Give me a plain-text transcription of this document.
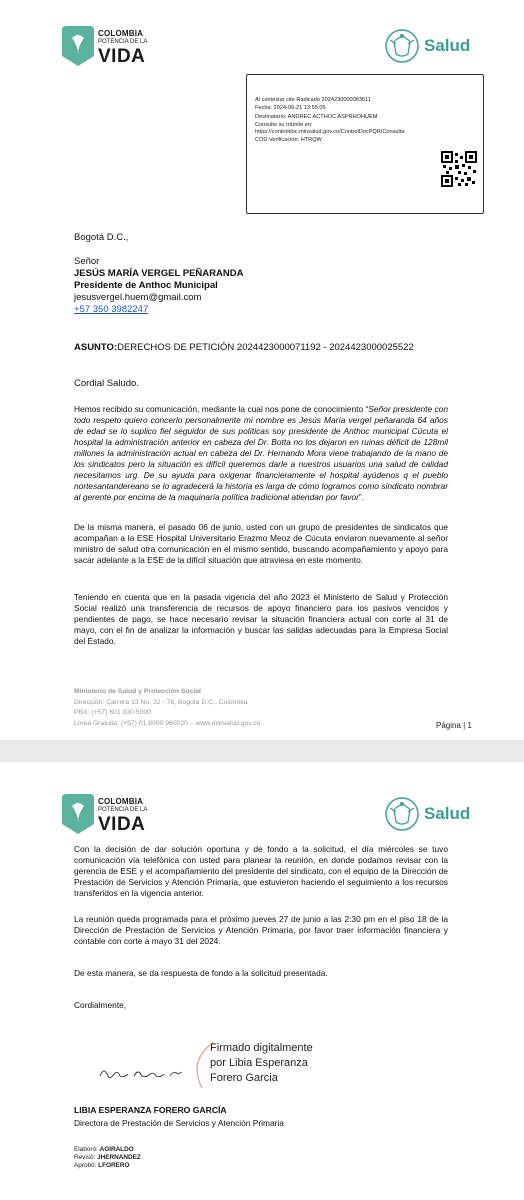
COLOMBIA
POTENCIA DE LA
VIDA
Salud
Al contestar cite Radicado 2024230000083611
Fecha: 2024-06-21 13:55:05
Destinatario: ANDREC ACTHOC ASPRHOHUEM
Consulte su trámite en:
https://controldoc.minsalud.gov.co/ControlDocPQR/Consulta
COD Verificación: HTRQW
Bogotá D.C.,
Señor
JESÚS MARÍA VERGEL PEÑARANDA
Presidente de Anthoc Municipal
jesusvergel.huem@gmail.com
+57 350 3982247
ASUNTO:DERECHOS DE PETICIÓN 2024423000071192 - 2024423000025522
Cordial Saludo.
Hemos recibido su comunicación, mediante la cual nos pone de conocimiento “Señor presidente con todo respeto quiero concerlo personalmente mi nombre es Jesús María vergel peñaranda 64 años de edad se lo suplico fiel seguidor de sus políticas soy presidente de Anthoc municipal Cúcuta el hospital la administración anterior en cabeza del Dr. Botta no los dejaron en ruinas déficit de 128mil millones la administración actual en cabeza del Dr. Hernando Mora viene trabajando de la mano de los sindicatos pero la situación es difícil queremos darle a nuestros usuarios una salud de calidad necesitamos urg. De su ayuda para oxigenar financieramente el hospital ayúdenos q el pueblo nortesantandereano se lo agradecerá la historia es larga de cómo logramos como sindicato nombrar al gerente por encima de la maquinaría política tradicional atiendan por favor”.
De la misma manera, el pasado 06 de junio, usted con un grupo de presidentes de sindicatos que acompañan a la ESE Hospital Universitario Erazmo Meoz de Cúcuta enviaron nuevamente al señor ministro de salud otra comunicación en el mismo sentido, buscando acompañamiento y apoyo para sacar adelante a la ESE de la difícil situación que atraviesa en este momento.
Teniendo en cuenta que en la pasada vigencia del año 2023 el Ministerio de Salud y Protección Social realizó una transferencia de recursos de apoyo financiero para los pasivos vencidos y pendientes de pago, se hace necesario revisar la situación financiera actual con corte al 31 de mayo, con el fin de analizar la información y buscar las salidas adecuadas para la Empresa Social del Estado.
Ministerio de Salud y Protección Social
Dirección: Carrera 13 No. 32 - 76, Bogotá D.C., Colombia
PBX: (+57) 601 330 5000
Línea Gratuita: (+57) 01 8000 960020 – www.minsalud.gov.co	Página | 1
COLOMBIA
POTENCIA DE LA
VIDA
Salud
Con la decisión de dar solución oportuna y de fondo a la solicitud, el día miércoles se tuvo comunicación vía telefónica con usted para planear la reunión, en donde podamos revisar con la gerencia de ESE y el acompañamiento del presidente del sindicato, con el equipo de la Dirección de Prestación de Servicios y Atención Primaria, que estuvieron haciendo el seguimiento a los recursos transferidos en la vigencia anterior.
La reunión queda programada para el próximo jueves 27 de junio a las 2:30 pm en el piso 18 de la Dirección de Prestación de Servicios y Atención Primaria, por favor traer información financiera y contable con corte a mayo 31 del 2024.
De esta manera, se da respuesta de fondo a la solicitud presentada.
Cordialmente,
Firmado digitalmente
por Libia Esperanza
Forero Garcia
LIBIA ESPERANZA FORERO GARCÍA
Directora de Prestación de Servicios y Atención Primaria
Elaboró: AGIRALDO
Revisó: JHERNANDEZ
Aprobó: LFORERO
